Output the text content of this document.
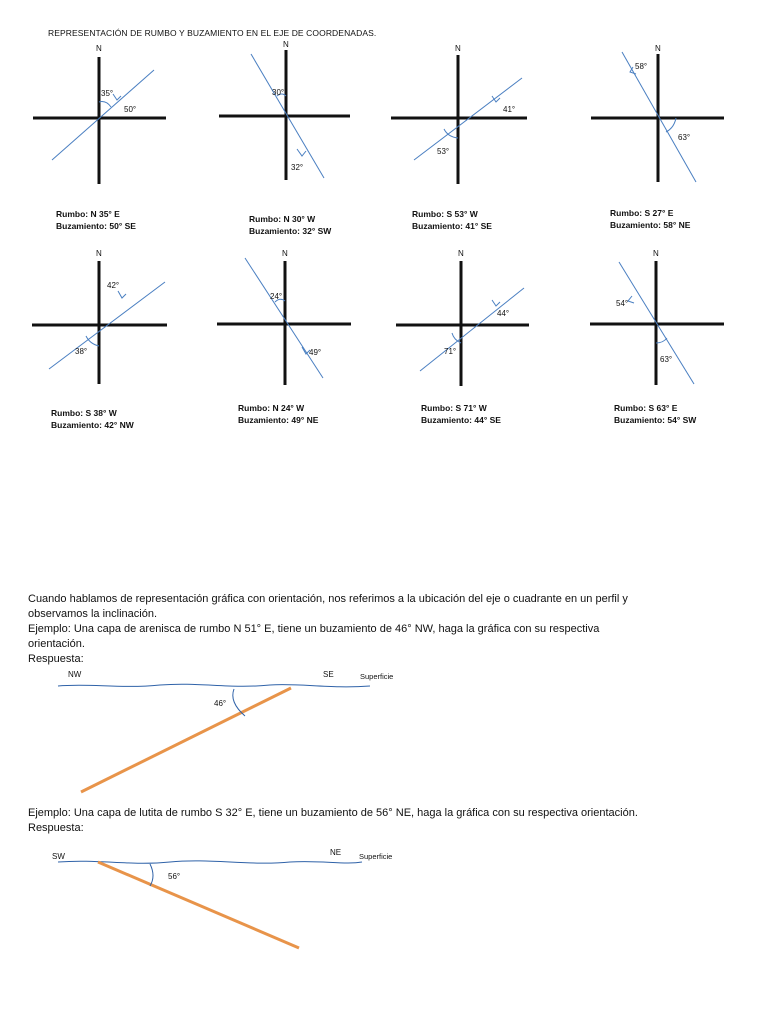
REPRESENTACIÓN DE RUMBO Y BUZAMIENTO EN EL EJE DE COORDENADAS.
N
35°
50°
N
30°
32°
N
53°
41°
N
63°
58°
N
38°
42°
N
24°
49°
N
71°
44°
N
63°
54°
NW	SE	Superficie
46°
SW	NE Superficie
56°
Rumbo: N 35° E
Buzamiento: 50° SE
Rumbo: N 30° W
Buzamiento: 32° SW
Rumbo: S 53° W
Buzamiento: 41° SE
Rumbo: S 27° E
Buzamiento: 58° NE
Rumbo: S 38° W
Buzamiento: 42° NW
Rumbo: N 24° W
Buzamiento: 49° NE
Rumbo: S 71° W
Buzamiento: 44° SE
Rumbo: S 63° E
Buzamiento: 54° SW
Cuando hablamos de representación gráfica con orientación, nos referimos a la ubicación del eje o cuadrante en un perfil y
observamos la inclinación.
Ejemplo: Una capa de arenisca de rumbo N 51° E, tiene un buzamiento de 46° NW, haga la gráfica con su respectiva
orientación.
Respuesta:
Ejemplo: Una capa de lutita de rumbo S 32° E, tiene un buzamiento de 56° NE, haga la gráfica con su respectiva orientación.
Respuesta:
